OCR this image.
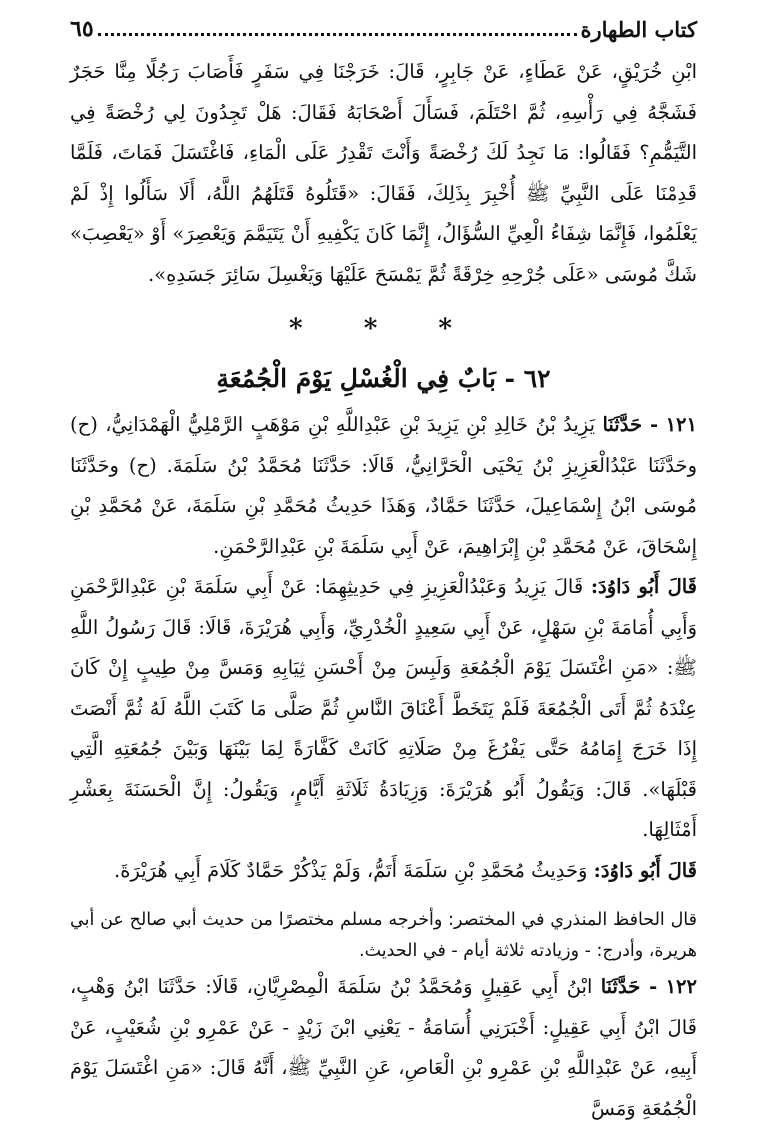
كتاب الطهارة
٦٥

ابْنِ خُرَيْقٍ، عَنْ عَطَاءٍ، عَنْ جَابِرٍ، قَالَ: خَرَجْنَا فِي سَفَرٍ فَأَصَابَ رَجُلًا مِنَّا حَجَرٌ فَشَجَّهُ فِي رَأْسِهِ، ثُمَّ احْتَلَمَ، فَسَأَلَ أَصْحَابَهُ فَقَالَ: هَلْ تَجِدُونَ لِي رُخْصَةً فِي التَّيَمُّمِ؟ فَقَالُوا: مَا نَجِدُ لَكَ رُخْصَةً وَأَنْتَ تَقْدِرُ عَلَى الْمَاءِ، فَاغْتَسَلَ فَمَاتَ، فَلَمَّا قَدِمْنَا عَلَى النَّبِيِّ ﷺ أُخْبِرَ بِذَلِكَ، فَقَالَ: «قَتَلُوهُ قَتَلَهُمُ اللَّهُ، أَلَا سَأَلُوا إِذْ لَمْ يَعْلَمُوا، فَإِنَّمَا شِفَاءُ الْعِيِّ السُّؤَالُ، إِنَّمَا كَانَ يَكْفِيهِ أَنْ يَتَيَمَّمَ وَيَعْصِرَ» أَوْ «يَعْصِبَ» شَكَّ مُوسَى «عَلَى جُرْحِهِ خِرْقَةً ثُمَّ يَمْسَحَ عَلَيْهَا وَيَغْسِلَ سَائِرَ جَسَدِهِ».

* * *
٦٢ - بَابٌ فِي الْغُسْلِ يَوْمَ الْجُمُعَةِ

١٢١ - حَدَّثَنَا يَزِيدُ بْنُ خَالِدِ بْنِ يَزِيدَ بْنِ عَبْدِاللَّهِ بْنِ مَوْهَبٍ الرَّمْلِيُّ الْهَمْدَانِيُّ، (ح) وحَدَّثَنَا عَبْدُالْعَزِيزِ بْنُ يَحْيَى الْحَرَّانِيُّ، قَالَا: حَدَّثَنَا مُحَمَّدُ بْنُ سَلَمَةَ. (ح) وحَدَّثَنَا مُوسَى ابْنُ إِسْمَاعِيلَ، حَدَّثَنَا حَمَّادٌ، وَهَذَا حَدِيثُ مُحَمَّدِ بْنِ سَلَمَةَ، عَنْ مُحَمَّدِ بْنِ إِسْحَاقَ، عَنْ مُحَمَّدِ بْنِ إِبْرَاهِيمَ، عَنْ أَبِي سَلَمَةَ بْنِ عَبْدِالرَّحْمَنِ.

قَالَ أَبُو دَاوُدَ: قَالَ يَزِيدُ وَعَبْدُالْعَزِيزِ فِي حَدِيثِهِمَا: عَنْ أَبِي سَلَمَةَ بْنِ عَبْدِالرَّحْمَنِ وَأَبِي أُمَامَةَ بْنِ سَهْلٍ، عَنْ أَبِي سَعِيدٍ الْخُدْرِيِّ، وَأَبِي هُرَيْرَةَ، قَالَا: قَالَ رَسُولُ اللَّهِ ﷺ: «مَنِ اغْتَسَلَ يَوْمَ الْجُمُعَةِ وَلَبِسَ مِنْ أَحْسَنِ ثِيَابِهِ وَمَسَّ مِنْ طِيبٍ إِنْ كَانَ عِنْدَهُ ثُمَّ أَتَى الْجُمُعَةَ فَلَمْ يَتَخَطَّ أَعْنَاقَ النَّاسِ ثُمَّ صَلَّى مَا كَتَبَ اللَّهُ لَهُ ثُمَّ أَنْصَتَ إِذَا خَرَجَ إِمَامُهُ حَتَّى يَفْرُغَ مِنْ صَلَاتِهِ كَانَتْ كَفَّارَةً لِمَا بَيْنَهَا وَبَيْنَ جُمُعَتِهِ الَّتِي قَبْلَهَا». قَالَ: وَيَقُولُ أَبُو هُرَيْرَةَ: وَزِيَادَةُ ثَلَاثَةِ أَيَّامٍ، وَيَقُولُ: إِنَّ الْحَسَنَةَ بِعَشْرِ أَمْثَالِهَا.

قَالَ أَبُو دَاوُدَ: وَحَدِيثُ مُحَمَّدِ بْنِ سَلَمَةَ أَتَمُّ، وَلَمْ يَذْكُرْ حَمَّادٌ كَلَامَ أَبِي هُرَيْرَةَ.

قال الحافظ المنذري في المختصر: وأخرجه مسلم مختصرًا من حديث أبي صالح عن أبي هريرة، وأدرج: - وزيادته ثلاثة أيام - في الحديث.

١٢٢ - حَدَّثَنَا ابْنُ أَبِي عَقِيلٍ وَمُحَمَّدُ بْنُ سَلَمَةَ الْمِصْرِيَّانِ، قَالَا: حَدَّثَنَا ابْنُ وَهْبٍ، قَالَ ابْنُ أَبِي عَقِيلٍ: أَخْبَرَنِي أُسَامَةُ - يَعْنِي ابْنَ زَيْدٍ - عَنْ عَمْرِو بْنِ شُعَيْبٍ، عَنْ أَبِيهِ، عَنْ عَبْدِاللَّهِ بْنِ عَمْرِو بْنِ الْعَاصِ، عَنِ النَّبِيِّ ﷺ، أَنَّهُ قَالَ: «مَنِ اغْتَسَلَ يَوْمَ الْجُمُعَةِ وَمَسَّ
